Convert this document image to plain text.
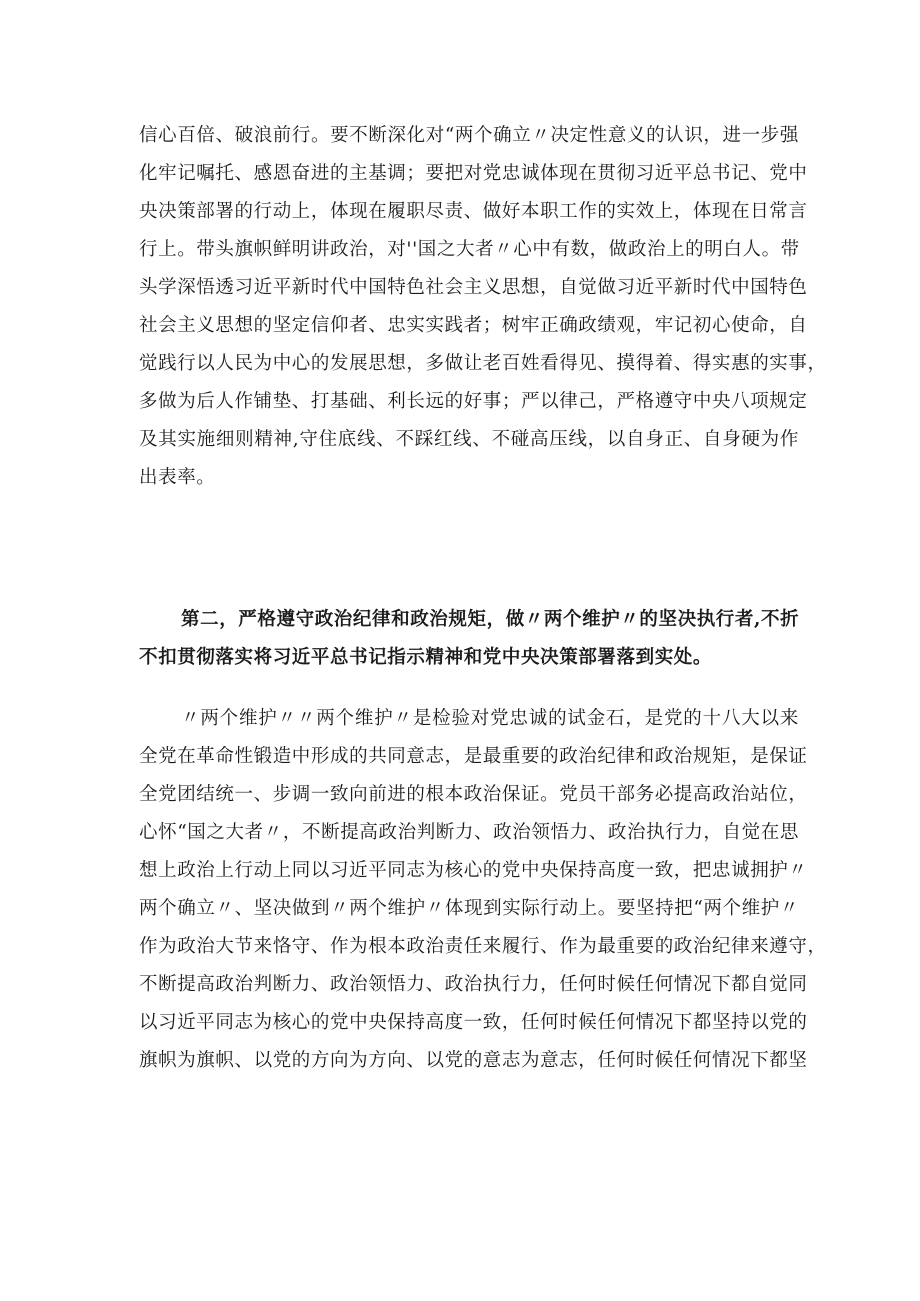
信心百倍、破浪前行。要不断深化对“两个确立〃决定性意义的认识，进一步强
化牢记嘱托、感恩奋进的主基调；要把对党忠诚体现在贯彻习近平总书记、党中
央决策部署的行动上，体现在履职尽责、做好本职工作的实效上，体现在日常言
行上。带头旗帜鲜明讲政治，对''国之大者〃心中有数，做政治上的明白人。带
头学深悟透习近平新时代中国特色社会主义思想，自觉做习近平新时代中国特色
社会主义思想的坚定信仰者、忠实实践者；树牢正确政绩观，牢记初心使命，自
觉践行以人民为中心的发展思想，多做让老百姓看得见、摸得着、得实惠的实事，
多做为后人作铺垫、打基础、利长远的好事；严以律己，严格遵守中央八项规定
及其实施细则精神,守住底线、不踩红线、不碰高压线，以自身正、自身硬为作
出表率。
第二，严格遵守政治纪律和政治规矩，做〃两个维护〃的坚决执行者,不折
不扣贯彻落实将习近平总书记指示精神和党中央决策部署落到实处。
〃两个维护〃〃两个维护〃是检验对党忠诚的试金石，是党的十八大以来
全党在革命性锻造中形成的共同意志，是最重要的政治纪律和政治规矩，是保证
全党团结统一、步调一致向前进的根本政治保证。党员干部务必提高政治站位，
心怀“国之大者〃，不断提高政治判断力、政治领悟力、政治执行力，自觉在思
想上政治上行动上同以习近平同志为核心的党中央保持高度一致，把忠诚拥护〃
两个确立〃、坚决做到〃两个维护〃体现到实际行动上。要坚持把“两个维护〃
作为政治大节来恪守、作为根本政治责任来履行、作为最重要的政治纪律来遵守，
不断提高政治判断力、政治领悟力、政治执行力，任何时候任何情况下都自觉同
以习近平同志为核心的党中央保持高度一致，任何时候任何情况下都坚持以党的
旗帜为旗帜、以党的方向为方向、以党的意志为意志，任何时候任何情况下都坚
